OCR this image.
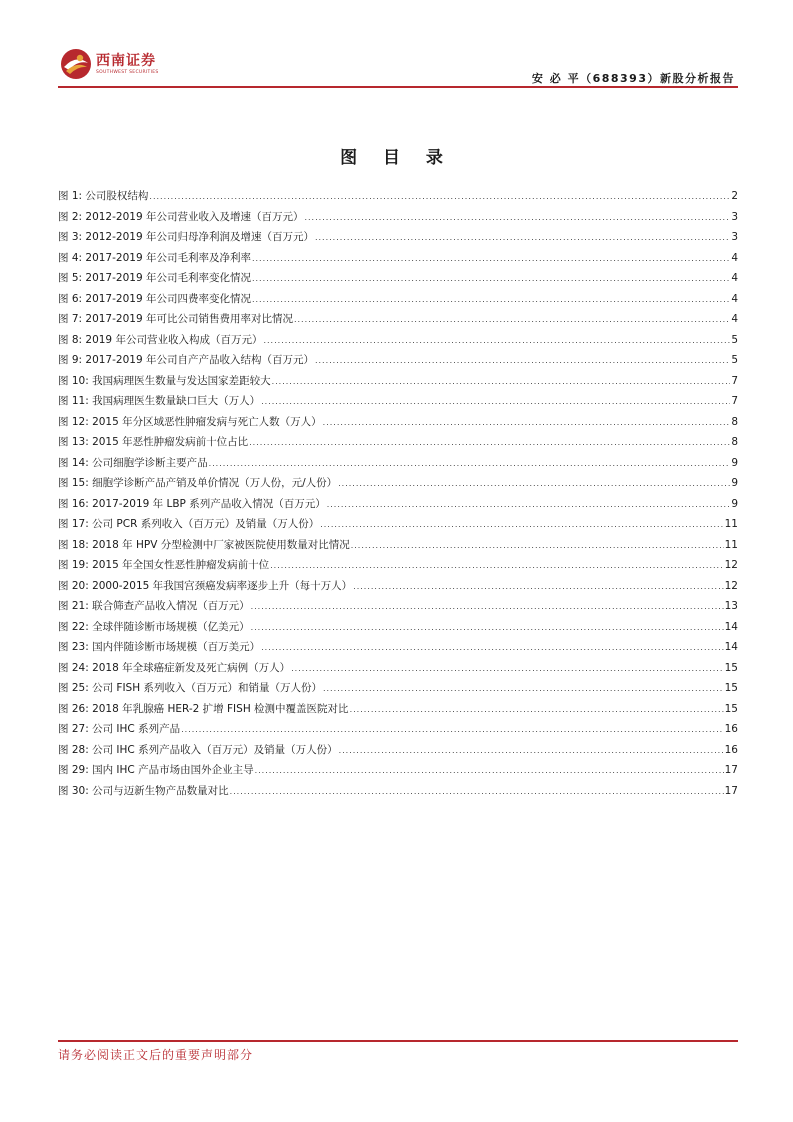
西南证券
SOUTHWEST SECURITIES	安 必 平（688393）新股分析报告
图 目 录
图 1: 公司股权结构 .....	2
图 2: 2012-2019 年公司营业收入及增速（百万元） .....	3
图 3: 2012-2019 年公司归母净利润及增速（百万元） .....	3
图 4: 2017-2019 年公司毛利率及净利率 .....	4
图 5: 2017-2019 年公司毛利率变化情况 .....	4
图 6: 2017-2019 年公司四费率变化情况 .....	4
图 7: 2017-2019 年可比公司销售费用率对比情况 .....	4
图 8: 2019 年公司营业收入构成（百万元） .....	5
图 9: 2017-2019 年公司自产产品收入结构（百万元） .....	5
图 10: 我国病理医生数量与发达国家差距较大 .....	7
图 11: 我国病理医生数量缺口巨大（万人） .....	7
图 12: 2015 年分区域恶性肿瘤发病与死亡人数（万人） .....	8
图 13: 2015 年恶性肿瘤发病前十位占比 .....	8
图 14: 公司细胞学诊断主要产品 .....	9
图 15: 细胞学诊断产品产销及单价情况（万人份，元/人份） .....	9
图 16: 2017-2019 年 LBP 系列产品收入情况（百万元） .....	9
图 17: 公司 PCR 系列收入（百万元）及销量（万人份） .....	11
图 18: 2018 年 HPV 分型检测中厂家被医院使用数量对比情况 .....	11
图 19: 2015 年全国女性恶性肿瘤发病前十位 .....	12
图 20: 2000-2015 年我国宫颈癌发病率逐步上升（每十万人） .....	12
图 21: 联合筛查产品收入情况（百万元） .....	13
图 22: 全球伴随诊断市场规模（亿美元） .....	14
图 23: 国内伴随诊断市场规模（百万美元） .....	14
图 24: 2018 年全球癌症新发及死亡病例（万人） .....	15
图 25: 公司 FISH 系列收入（百万元）和销量（万人份） .....	15
图 26: 2018 年乳腺癌 HER-2 扩增 FISH 检测中覆盖医院对比 .....	15
图 27: 公司 IHC 系列产品 .....	16
图 28: 公司 IHC 系列产品收入（百万元）及销量（万人份） .....	16
图 29: 国内 IHC 产品市场由国外企业主导 .....	17
图 30: 公司与迈新生物产品数量对比 .....	17
请务必阅读正文后的重要声明部分
